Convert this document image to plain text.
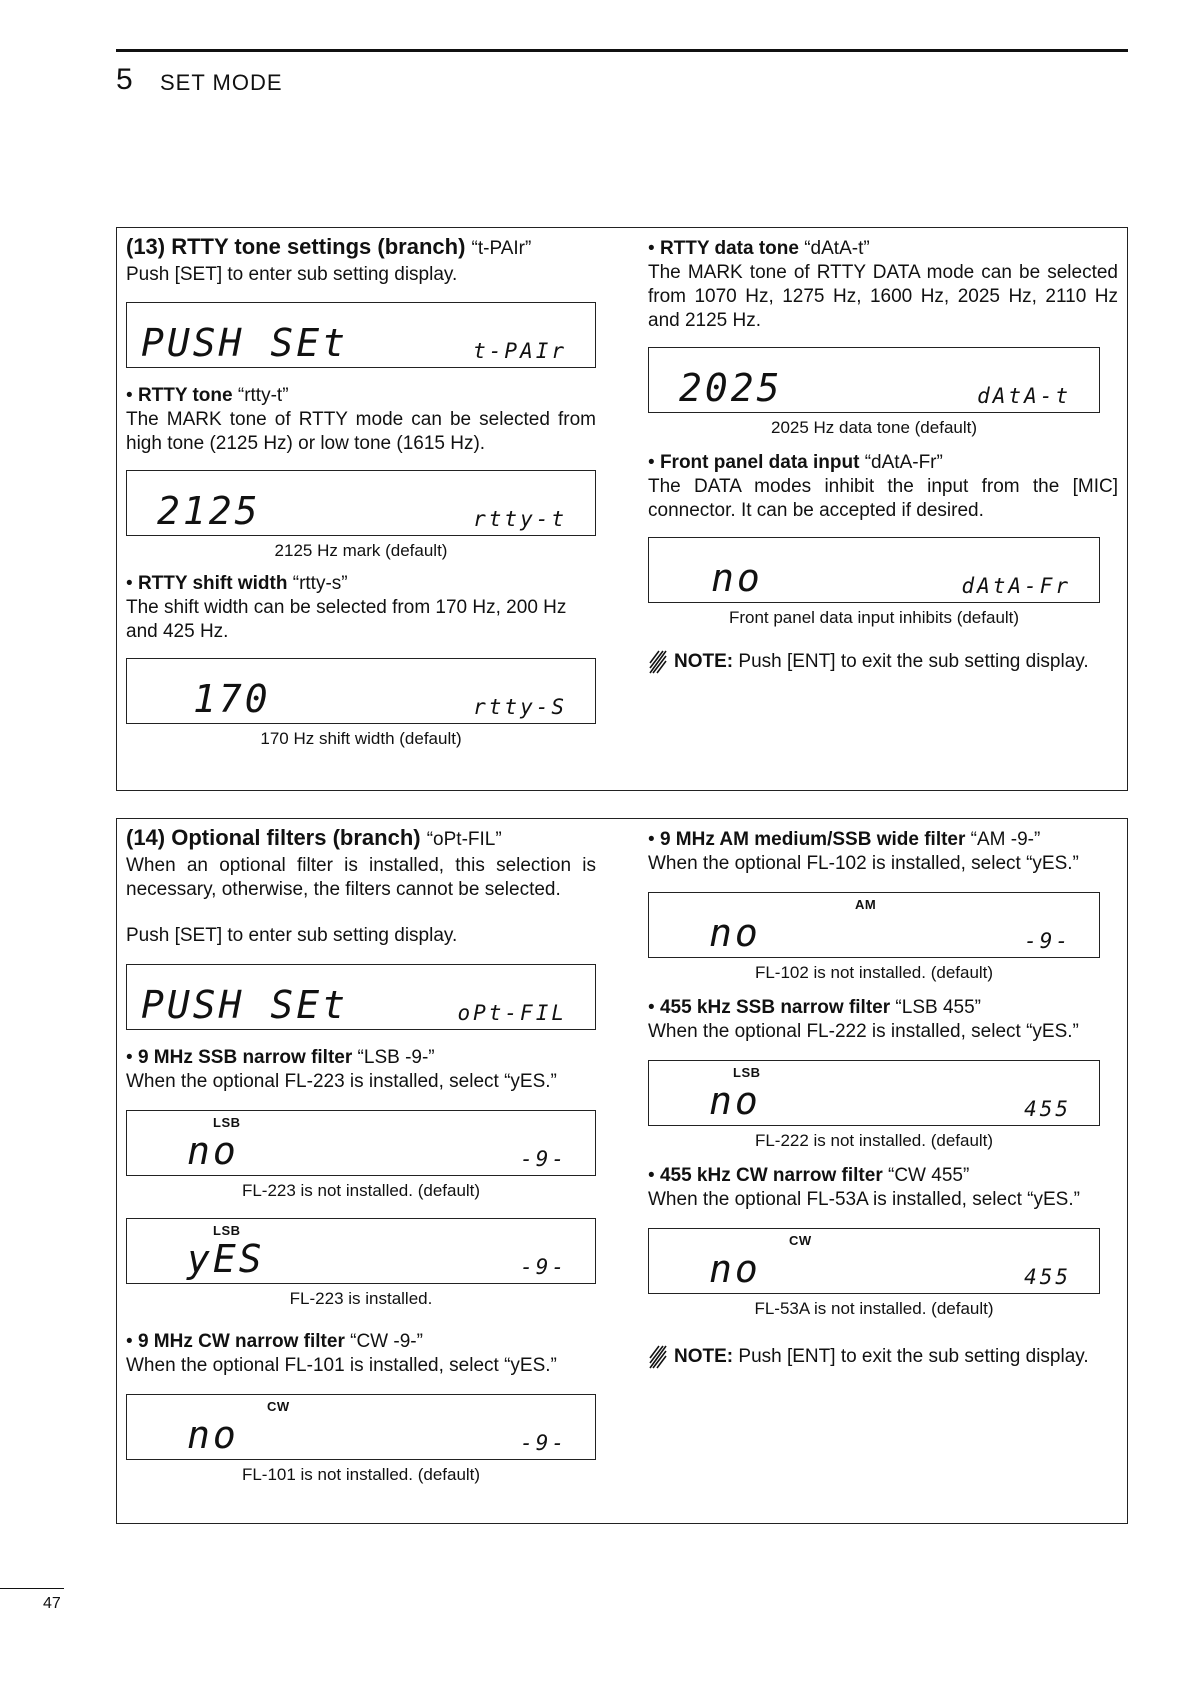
5 SET MODE
(13) RTTY tone settings (branch) “t-PAIr”

Push [SET] to enter sub setting display.

PUSH SEt	t-PAIr

• RTTY tone “rtty-t”

The MARK tone of RTTY mode can be selected from high tone (2125 Hz) or low tone (1615 Hz).

2125	rtty-t
2125 Hz mark (default)

• RTTY shift width “rtty-s”

The shift width can be selected from 170 Hz, 200 Hz and 425 Hz.

170	rtty-S
170 Hz shift width (default)

• RTTY data tone “dAtA-t”

The MARK tone of RTTY DATA mode can be selected from 1070 Hz, 1275 Hz, 1600 Hz, 2025 Hz, 2110 Hz and 2125 Hz.

2025	dAtA-t
2025 Hz data tone (default)

• Front panel data input “dAtA-Fr”

The DATA modes inhibit the input from the [MIC] connector. It can be accepted if desired.

no	dAtA-Fr
Front panel data input inhibits (default)
NOTE: Push [ENT] to exit the sub setting display.
(14) Optional filters (branch) “oPt-FIL”

When an optional filter is installed, this selection is necessary, otherwise, the filters cannot be selected.

Push [SET] to enter sub setting display.

PUSH SEt	oPt-FIL

• 9 MHz SSB narrow filter “LSB -9-”

When the optional FL-223 is installed, select “yES.”

LSB
no	-9-
FL-223 is not installed. (default)
LSB
yES	-9-
FL-223 is installed.

• 9 MHz CW narrow filter “CW -9-”

When the optional FL-101 is installed, select “yES.”

CW
no	-9-
FL-101 is not installed. (default)

• 9 MHz AM medium/SSB wide filter “AM -9-”

When the optional FL-102 is installed, select “yES.”

AM
no	-9-
FL-102 is not installed. (default)

• 455 kHz SSB narrow filter “LSB 455”

When the optional FL-222 is installed, select “yES.”

LSB
no	455
FL-222 is not installed. (default)

• 455 kHz CW narrow filter “CW 455”

When the optional FL-53A is installed, select “yES.”

CW
no	455
FL-53A is not installed. (default)
NOTE: Push [ENT] to exit the sub setting display.
47
